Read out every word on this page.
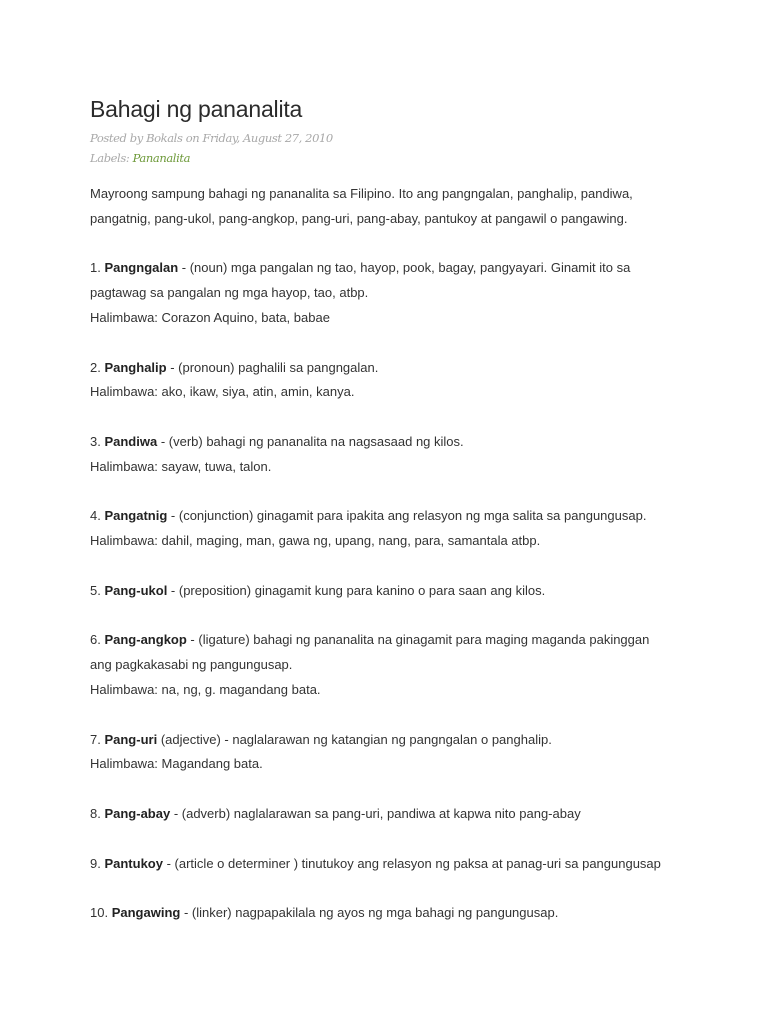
Bahagi ng pananalita
Posted by Bokals on Friday, August 27, 2010
Labels: Pananalita

Mayroong sampung bahagi ng pananalita sa Filipino. Ito ang pangngalan, panghalip, pandiwa,
pangatnig, pang-ukol, pang-angkop, pang-uri, pang-abay, pantukoy at pangawil o pangawing.

1. Pangngalan - (noun) mga pangalan ng tao, hayop, pook, bagay, pangyayari. Ginamit ito sa
pagtawag sa pangalan ng mga hayop, tao, atbp.
Halimbawa: Corazon Aquino, bata, babae

2. Panghalip - (pronoun) paghalili sa pangngalan.
Halimbawa: ako, ikaw, siya, atin, amin, kanya.

3. Pandiwa - (verb) bahagi ng pananalita na nagsasaad ng kilos.
Halimbawa: sayaw, tuwa, talon.

4. Pangatnig - (conjunction) ginagamit para ipakita ang relasyon ng mga salita sa pangungusap.
Halimbawa: dahil, maging, man, gawa ng, upang, nang, para, samantala atbp.

5. Pang-ukol - (preposition) ginagamit kung para kanino o para saan ang kilos.

6. Pang-angkop - (ligature) bahagi ng pananalita na ginagamit para maging maganda pakinggan
ang pagkakasabi ng pangungusap.
Halimbawa: na, ng, g. magandang bata.

7. Pang-uri (adjective) - naglalarawan ng katangian ng pangngalan o panghalip.
Halimbawa: Magandang bata.

8. Pang-abay - (adverb) naglalarawan sa pang-uri, pandiwa at kapwa nito pang-abay

9. Pantukoy - (article o determiner ) tinutukoy ang relasyon ng paksa at panag-uri sa pangungusap

10. Pangawing - (linker) nagpapakilala ng ayos ng mga bahagi ng pangungusap.
